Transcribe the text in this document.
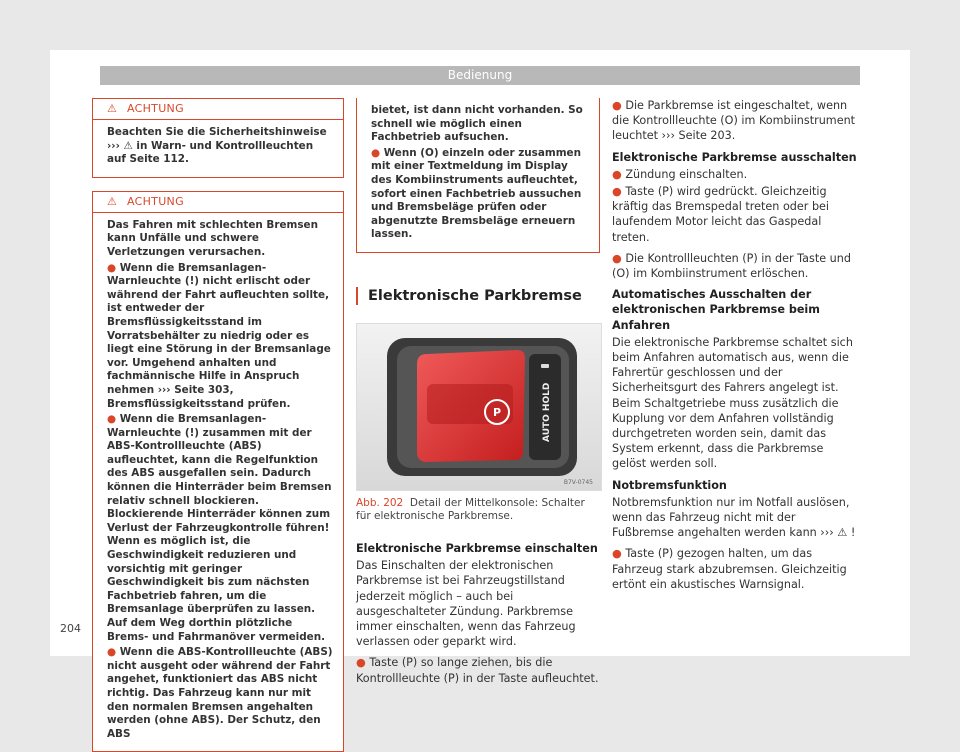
Bedienung
⚠ ACHTUNG

Beachten Sie die Sicherheitshinweise ››› ⚠ in Warn- und Kontrollleuchten auf Seite 112.

⚠ ACHTUNG

Das Fahren mit schlechten Bremsen kann Unfälle und schwere Verletzungen verursachen.

● Wenn die Bremsanlagen-Warnleuchte (!) nicht erlischt oder während der Fahrt aufleuchten sollte, ist entweder der Bremsflüssigkeitsstand im Vorratsbehälter zu niedrig oder es liegt eine Störung in der Bremsanlage vor. Umgehend anhalten und fachmännische Hilfe in Anspruch nehmen ››› Seite 303, Bremsflüssigkeitsstand prüfen.

● Wenn die Bremsanlagen-Warnleuchte (!) zusammen mit der ABS-Kontrollleuchte (ABS) aufleuchtet, kann die Regelfunktion des ABS ausgefallen sein. Dadurch können die Hinterräder beim Bremsen relativ schnell blockieren. Blockierende Hinterräder können zum Verlust der Fahrzeugkontrolle führen! Wenn es möglich ist, die Geschwindigkeit reduzieren und vorsichtig mit geringer Geschwindigkeit bis zum nächsten Fachbetrieb fahren, um die Bremsanlage überprüfen zu lassen. Auf dem Weg dorthin plötzliche Brems- und Fahrmanöver vermeiden.

● Wenn die ABS-Kontrollleuchte (ABS) nicht ausgeht oder während der Fahrt angehet, funktioniert das ABS nicht richtig. Das Fahrzeug kann nur mit den normalen Bremsen angehalten werden (ohne ABS). Der Schutz, den ABS

bietet, ist dann nicht vorhanden. So schnell wie möglich einen Fachbetrieb aufsuchen.

● Wenn (O) einzeln oder zusammen mit einer Textmeldung im Display des Kombiinstruments aufleuchtet, sofort einen Fachbetrieb aussuchen und Bremsbeläge prüfen oder abgenutzte Bremsbeläge erneuern lassen.

Elektronische Parkbremse
P	AUTO HOLD
B7V-0745
Abb. 202 Detail der Mittelkonsole: Schalter für elektronische Parkbremse.
Elektronische Parkbremse einschalten

Das Einschalten der elektronischen Parkbremse ist bei Fahrzeugstillstand jederzeit möglich – auch bei ausgeschalteter Zündung. Parkbremse immer einschalten, wenn das Fahrzeug verlassen oder geparkt wird.

● Taste (P) so lange ziehen, bis die Kontrollleuchte (P) in der Taste aufleuchtet.

● Die Parkbremse ist eingeschaltet, wenn die Kontrollleuchte (O) im Kombiinstrument leuchtet ››› Seite 203.

Elektronische Parkbremse ausschalten

● Zündung einschalten.

● Taste (P) wird gedrückt. Gleichzeitig kräftig das Bremspedal treten oder bei laufendem Motor leicht das Gaspedal treten.

● Die Kontrollleuchten (P) in der Taste und (O) im Kombiinstrument erlöschen.

Automatisches Ausschalten der elektronischen Parkbremse beim Anfahren

Die elektronische Parkbremse schaltet sich beim Anfahren automatisch aus, wenn die Fahrertür geschlossen und der Sicherheitsgurt des Fahrers angelegt ist. Beim Schaltgetriebe muss zusätzlich die Kupplung vor dem Anfahren vollständig durchgetreten worden sein, damit das System erkennt, dass die Parkbremse gelöst werden soll.

Notbremsfunktion

Notbremsfunktion nur im Notfall auslösen, wenn das Fahrzeug nicht mit der Fußbremse angehalten werden kann ››› ⚠ !

● Taste (P) gezogen halten, um das Fahrzeug stark abzubremsen. Gleichzeitig ertönt ein akustisches Warnsignal.

204
